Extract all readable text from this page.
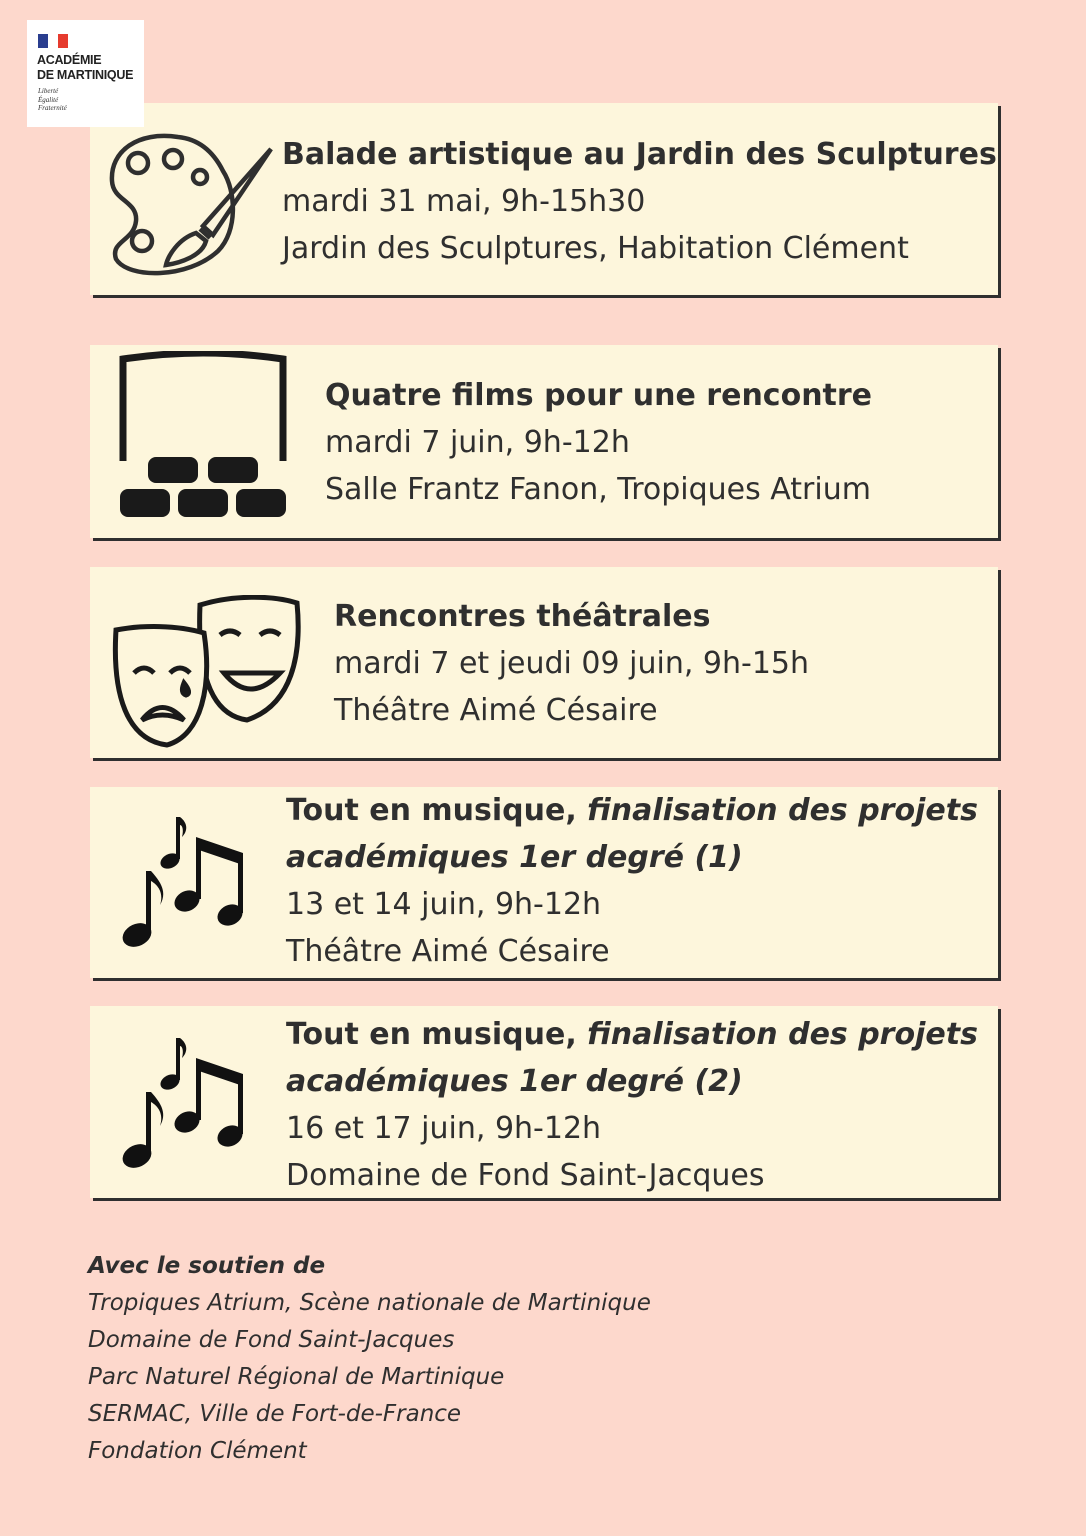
ACADÉMIE
DE MARTINIQUE
Liberté
Égalité
Fraternité
Balade artistique au Jardin des Sculptures
mardi 31 mai, 9h-15h30
Jardin des Sculptures, Habitation Clément
Quatre films pour une rencontre
mardi 7 juin, 9h-12h
Salle Frantz Fanon, Tropiques Atrium
Rencontres théâtrales
mardi 7 et jeudi 09 juin, 9h-15h
Théâtre Aimé Césaire
Tout en musique, finalisation des projets
académiques 1er degré (1)
13 et 14 juin, 9h-12h
Théâtre Aimé Césaire
Tout en musique, finalisation des projets
académiques 1er degré (2)
16 et 17 juin, 9h-12h
Domaine de Fond Saint-Jacques
Avec le soutien de
Tropiques Atrium, Scène nationale de Martinique
Domaine de Fond Saint-Jacques
Parc Naturel Régional de Martinique
SERMAC, Ville de Fort-de-France
Fondation Clément
